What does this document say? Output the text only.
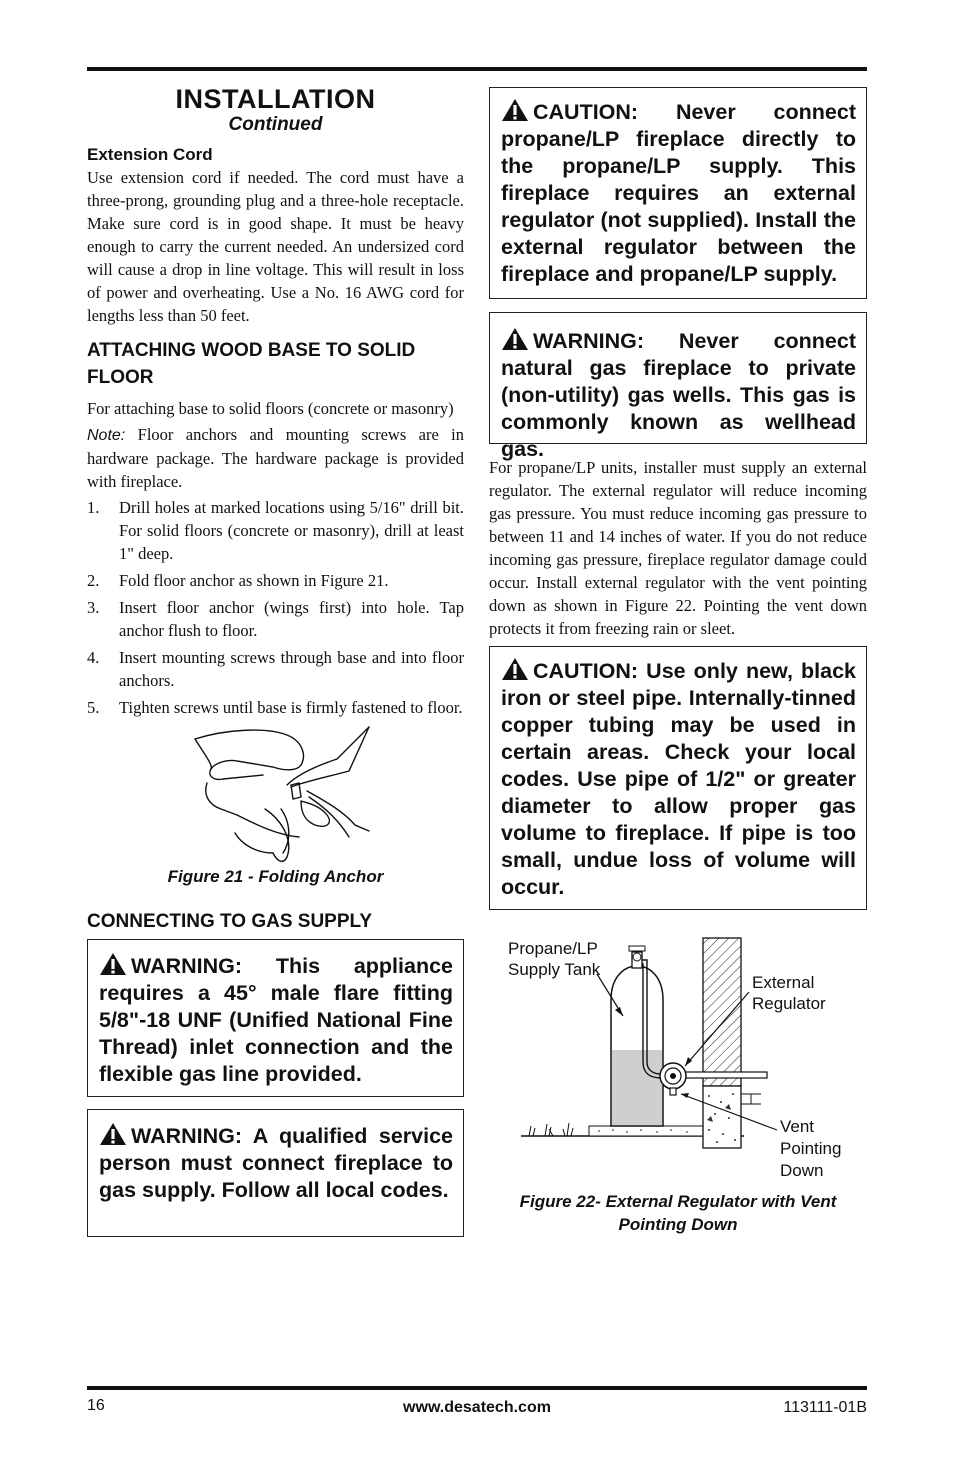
INSTALLATION
Continued
Extension Cord

Use extension cord if needed. The cord must have a three-prong, grounding plug and a three-hole receptacle. Make sure cord is in good shape. It must be heavy enough to carry the current needed. An undersized cord will cause a drop in line voltage. This will result in loss of power and overheating. Use a No. 16 AWG cord for lengths less than 50 feet.

ATTACHING WOOD BASE TO SOLID FLOOR

For attaching base to solid floors (concrete or masonry)

Note: Floor anchors and mounting screws are in hardware package. The hardware package is provided with fireplace.

1.	Drill holes at marked locations using 5/16" drill bit. For solid floors (concrete or masonry), drill at least 1" deep.
2.	Fold floor anchor as shown in Figure 21.
3.	Insert floor anchor (wings first) into hole. Tap anchor flush to floor.
4.	Insert mounting screws through base and into floor anchors.
5.	Tighten screws until base is firmly fastened to floor.
Figure 21 - Folding Anchor
CONNECTING TO GAS SUPPLY

WARNING: This appliance requires a 45° male flare fitting 5/8"-18 UNF (Unified National Fine Thread) inlet connection and the flexible gas line provided.

WARNING: A qualified service person must connect fireplace to gas supply. Follow all local codes.

CAUTION: Never connect propane/LP fireplace directly to the propane/LP supply. This fireplace requires an external regulator (not supplied). Install the external regulator between the fireplace and propane/LP supply.

WARNING: Never connect natural gas fireplace to private (non-utility) gas wells. This gas is commonly known as wellhead gas.

For propane/LP units, installer must supply an external regulator. The external regulator will reduce incoming gas pressure. You must reduce incoming gas pressure to between 11 and 14 inches of water. If you do not reduce incoming gas pressure, fireplace regulator damage could occur. Install external regulator with the vent pointing down as shown in Figure 22. Pointing the vent down protects it from freezing rain or sleet.

CAUTION: Use only new, black iron or steel pipe. Internally-tinned copper tubing may be used in certain areas. Check your local codes. Use pipe of 1/2" or greater diameter to allow proper gas volume to fireplace. If pipe is too small, undue loss of volume will occur.

Propane/LP
Supply Tank
External
Regulator
Vent
Pointing
Down
Figure 22- External Regulator with Vent
Pointing Down
16	www.desatech.com	113111-01B
